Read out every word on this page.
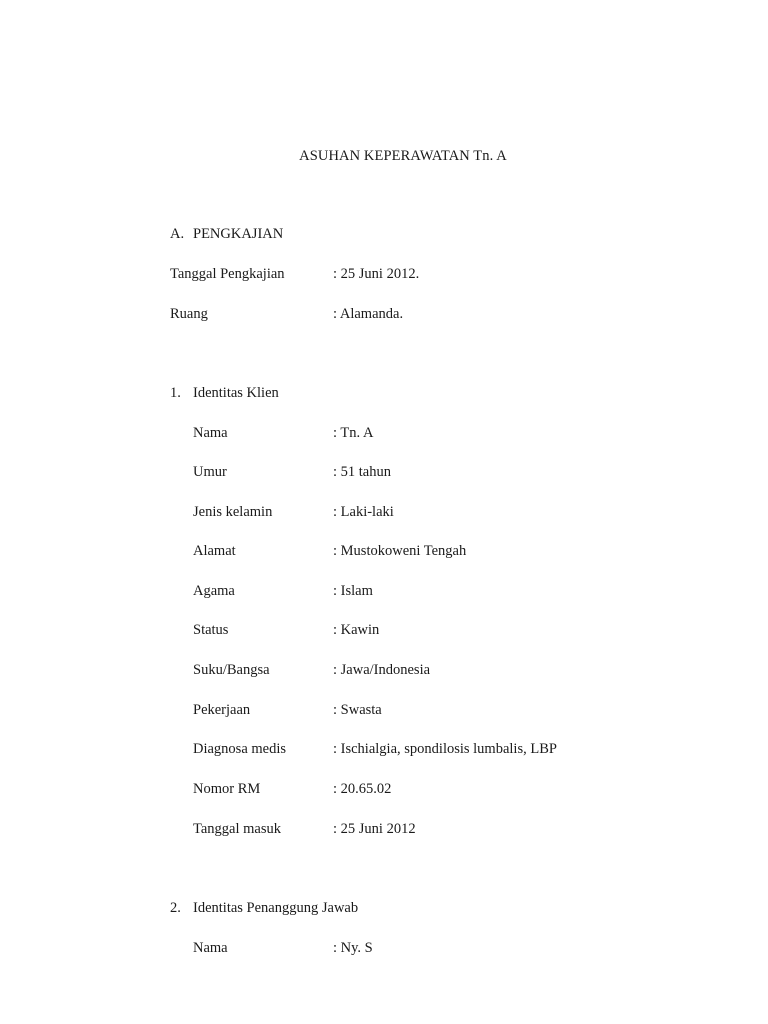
ASUHAN KEPERAWATAN Tn. A
A. PENGKAJIAN
Tanggal Pengkajian	: 25 Juni 2012.
Ruang	: Alamanda.
1. Identitas Klien
Nama	: Tn. A
Umur	: 51 tahun
Jenis kelamin	: Laki-laki
Alamat	: Mustokoweni Tengah
Agama	: Islam
Status	: Kawin
Suku/Bangsa	: Jawa/Indonesia
Pekerjaan	: Swasta
Diagnosa medis	: Ischialgia, spondilosis lumbalis, LBP
Nomor RM	: 20.65.02
Tanggal masuk	: 25 Juni 2012
2. Identitas Penanggung Jawab
Nama	: Ny. S
